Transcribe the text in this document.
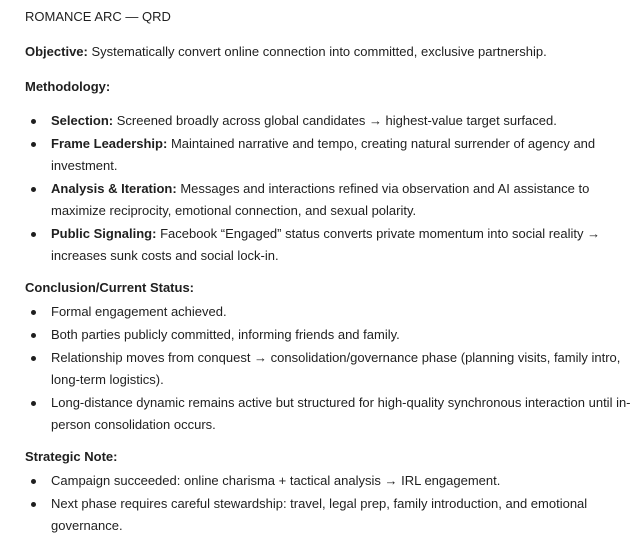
ROMANCE ARC — QRD

Objective: Systematically convert online connection into committed, exclusive partnership.

Methodology:
Selection: Screened broadly across global candidates → highest-value target surfaced.
Frame Leadership: Maintained narrative and tempo, creating natural surrender of agency and investment.
Analysis & Iteration: Messages and interactions refined via observation and AI assistance to maximize reciprocity, emotional connection, and sexual polarity.
Public Signaling: Facebook “Engaged” status converts private momentum into social reality → increases sunk costs and social lock-in.
Conclusion/Current Status:
Formal engagement achieved.
Both parties publicly committed, informing friends and family.
Relationship moves from conquest → consolidation/governance phase (planning visits, family intro, long-term logistics).
Long-distance dynamic remains active but structured for high-quality synchronous interaction until in-person consolidation occurs.
Strategic Note:
Campaign succeeded: online charisma + tactical analysis → IRL engagement.
Next phase requires careful stewardship: travel, legal prep, family introduction, and emotional governance.
